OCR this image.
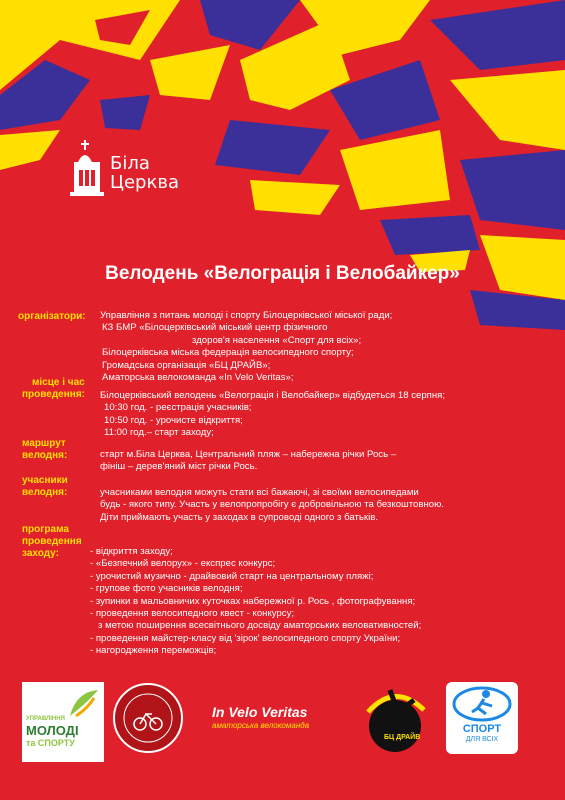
Біла
Церква
Велодень «Велограція і Велобайкер»
організатори: Управління з питань молоді і спорту Білоцерківської міської ради;
КЗ БМР «Білоцерківський міський центр фізичного
здоров'я населення «Спорт для всіх»;
Білоцерківська міська федерація велосипедного спорту;
Громадська організація «БЦ ДРАЙВ»;
Аматорська велокоманда «In Velo Veritas»;
місце і час
проведення: Білоцерківський велодень «Велограція і Велобайкер» відбудеться 18 серпня;
10:30 год. - реєстрація учасників;
10:50 год. - урочисте відкриття;
11:00 год.– старт заходу;
маршрут
велодня:	старт м.Біла Церква, Центральний пляж – набережна річки Рось –
фініш – дерев'яний міст річки Рось.
учасники
велодня:	учасниками велодня можуть стати всі бажаючі, зі своїми велосипедами
будь - якого типу. Участь у велопропробігу є добровільною та безкоштовною.
Діти приймають участь у заходах в супроводі одного з батьків.
програма
проведення
заходу:	- відкриття заходу;
- «Безпечний велорух» - експрес конкурс;
- урочистий музично - драйвовий старт на центральному пляжі;
- групове фото учасників велодня;
- зупинки в мальовничих куточках набережної р. Рось , фотографування;
- проведення велосипедного квест - конкурсу;
з метою поширення всесвітнього досвіду аматорських веловативностей;
- проведення майстер-класу від 'зірок' велосипедного спорту України;
- нагородження переможців;
УПРАВЛІННЯ
МОЛОДІ
та СПОРТУ
In Velo Veritas
аматорська велокоманда
БЦ ДРАЙВ
СПОРТ
ДЛЯ ВСІХ
